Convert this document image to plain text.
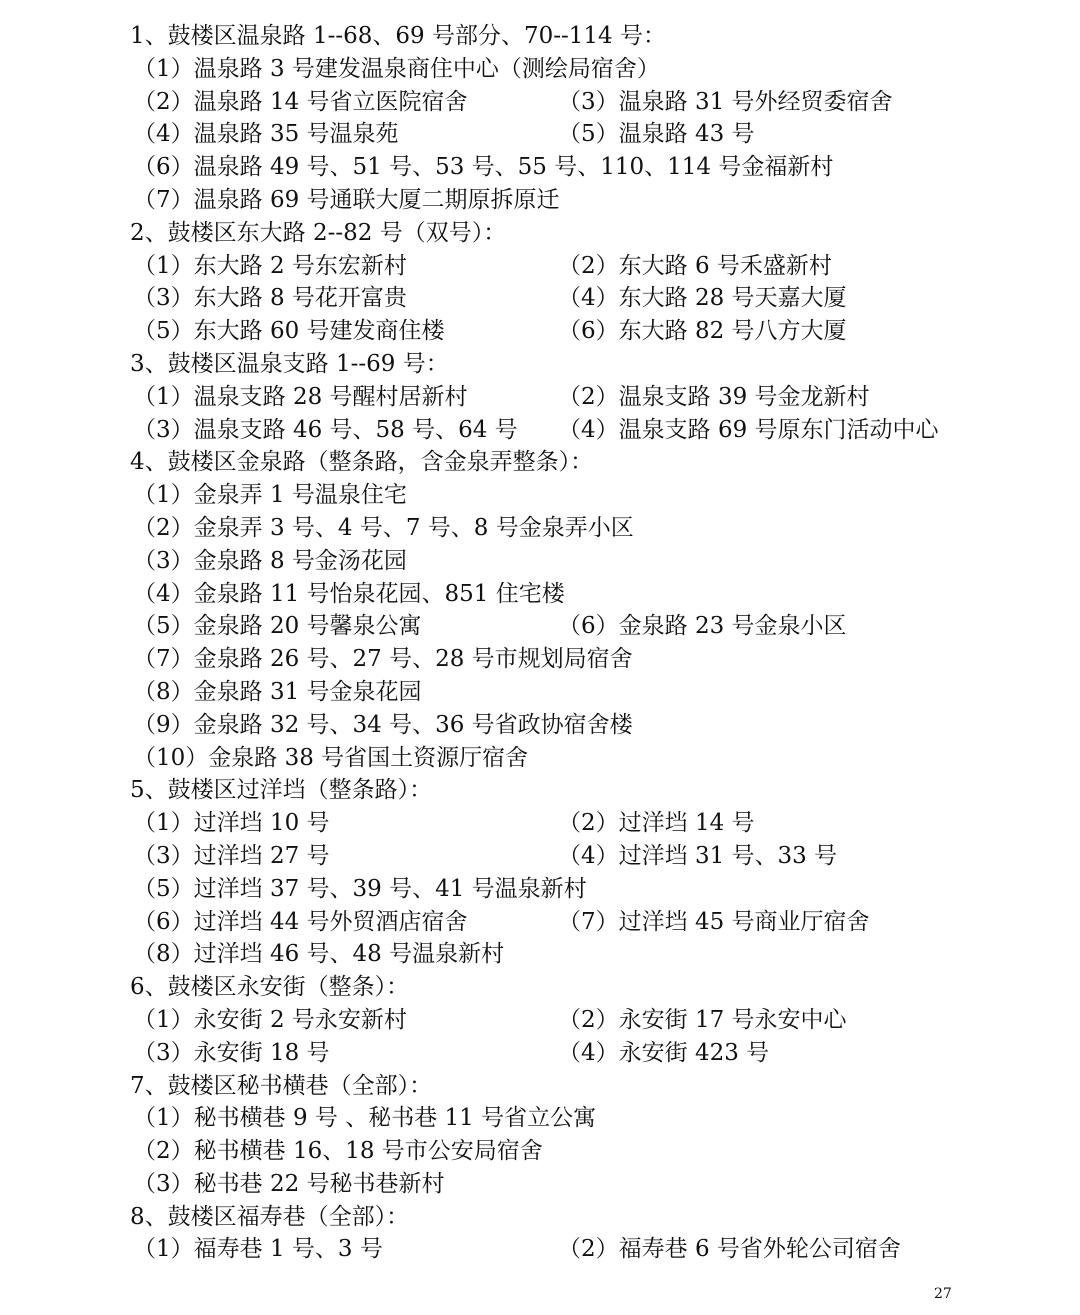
1、鼓楼区温泉路 1--68、69 号部分、70--114 号：
（1）温泉路 3 号建发温泉商住中心（测绘局宿舍）
（2）温泉路 14 号省立医院宿舍	（3）温泉路 31 号外经贸委宿舍
（4）温泉路 35 号温泉苑	（5）温泉路 43 号
（6）温泉路 49 号、51 号、53 号、55 号、110、114 号金福新村
（7）温泉路 69 号通联大厦二期原拆原迁
2、鼓楼区东大路 2--82 号（双号）：
（1）东大路 2 号东宏新村	（2）东大路 6 号禾盛新村
（3）东大路 8 号花开富贵	（4）东大路 28 号天嘉大厦
（5）东大路 60 号建发商住楼	（6）东大路 82 号八方大厦
3、鼓楼区温泉支路 1--69 号：
（1）温泉支路 28 号醒村居新村	（2）温泉支路 39 号金龙新村
（3）温泉支路 46 号、58 号、64 号 （4）温泉支路 69 号原东门活动中心
4、鼓楼区金泉路（整条路，含金泉弄整条）：
（1）金泉弄 1 号温泉住宅
（2）金泉弄 3 号、4 号、7 号、8 号金泉弄小区
（3）金泉路 8 号金汤花园
（4）金泉路 11 号怡泉花园、851 住宅楼
（5）金泉路 20 号馨泉公寓	（6）金泉路 23 号金泉小区
（7）金泉路 26 号、27 号、28 号市规划局宿舍
（8）金泉路 31 号金泉花园
（9）金泉路 32 号、34 号、36 号省政协宿舍楼
（10）金泉路 38 号省国土资源厅宿舍
5、鼓楼区过洋垱（整条路）：
（1）过洋垱 10 号	（2）过洋垱 14 号
（3）过洋垱 27 号	（4）过洋垱 31 号、33 号
（5）过洋垱 37 号、39 号、41 号温泉新村
（6）过洋垱 44 号外贸酒店宿舍	（7）过洋垱 45 号商业厅宿舍
（8）过洋垱 46 号、48 号温泉新村
6、鼓楼区永安街（整条）：
（1）永安街 2 号永安新村	（2）永安街 17 号永安中心
（3）永安街 18 号	（4）永安街 423 号
7、鼓楼区秘书横巷（全部）：
（1）秘书横巷 9 号 、秘书巷 11 号省立公寓
（2）秘书横巷 16、18 号市公安局宿舍
（3）秘书巷 22 号秘书巷新村
8、鼓楼区福寿巷（全部）：
（1）福寿巷 1 号、3 号	（2）福寿巷 6 号省外轮公司宿舍
27
